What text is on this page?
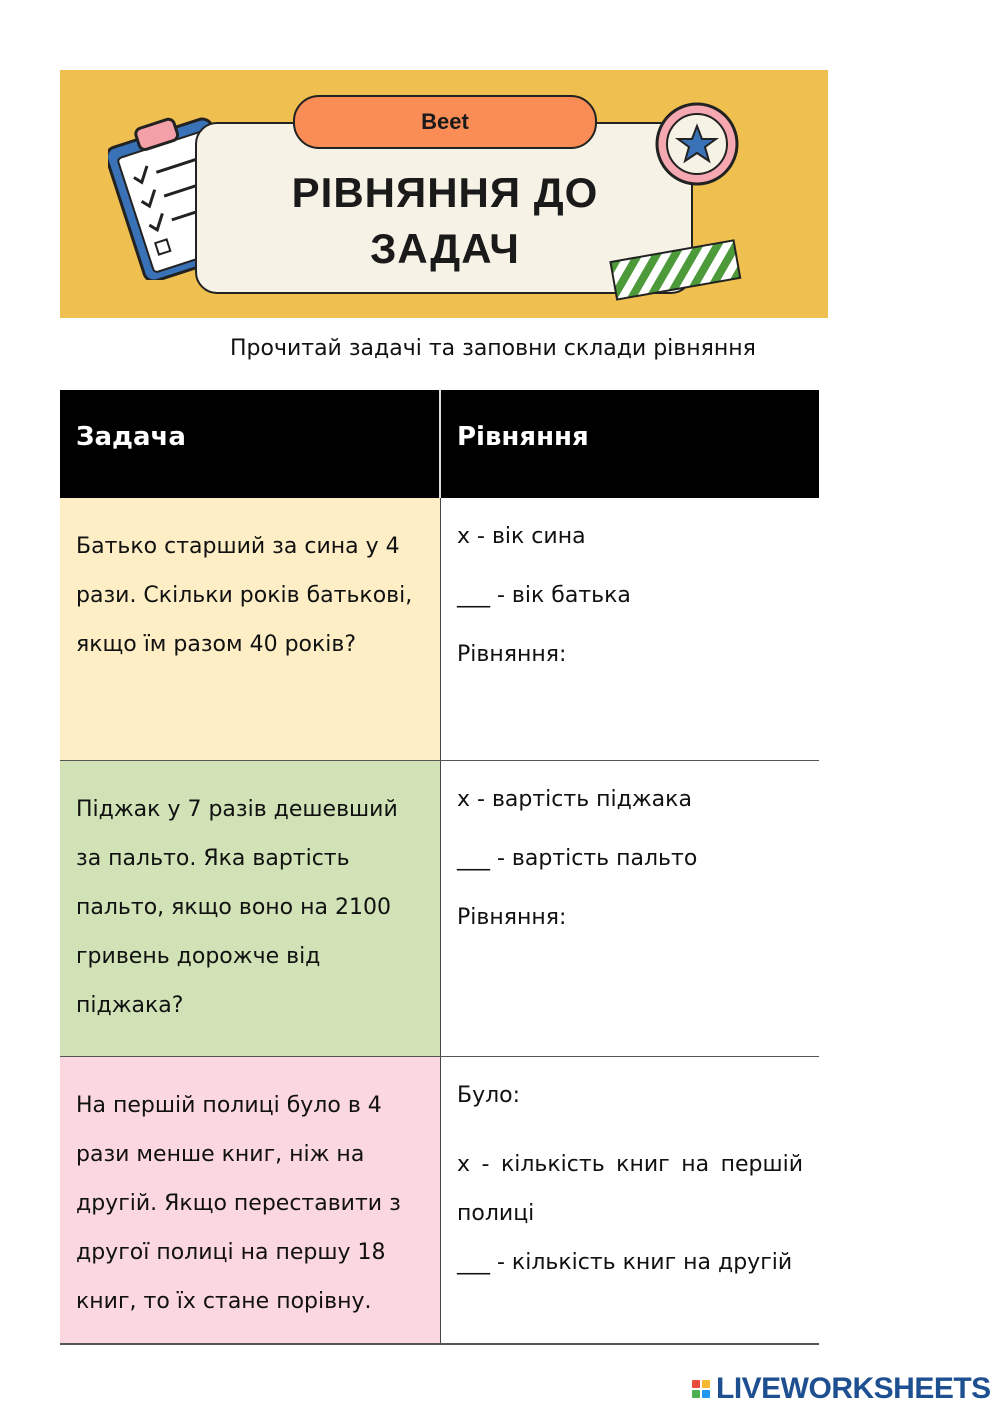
Beet
РІВНЯННЯ ДО ЗАДАЧ
Прочитай задачі та заповни склади рівняння
Задача	Рівняння
Батько старший за сина у 4
рази. Скільки років батькові,
якщо їм разом 40 років?
x - вік сина
___ - вік батька
Рівняння:
Піджак у 7 разів дешевший
за пальто. Яка вартість
пальто, якщо воно на 2100
гривень дорожче від
піджака?
x - вартість піджака
___ - вартість пальто
Рівняння:
На першій полиці було в 4
рази менше книг, ніж на
другій. Якщо переставити з
другої полиці на першу 18
книг, то їх стане порівну.
Було:
x - кількість книг на першій полиці
___ - кількість книг на другій
LIVEWORKSHEETS
